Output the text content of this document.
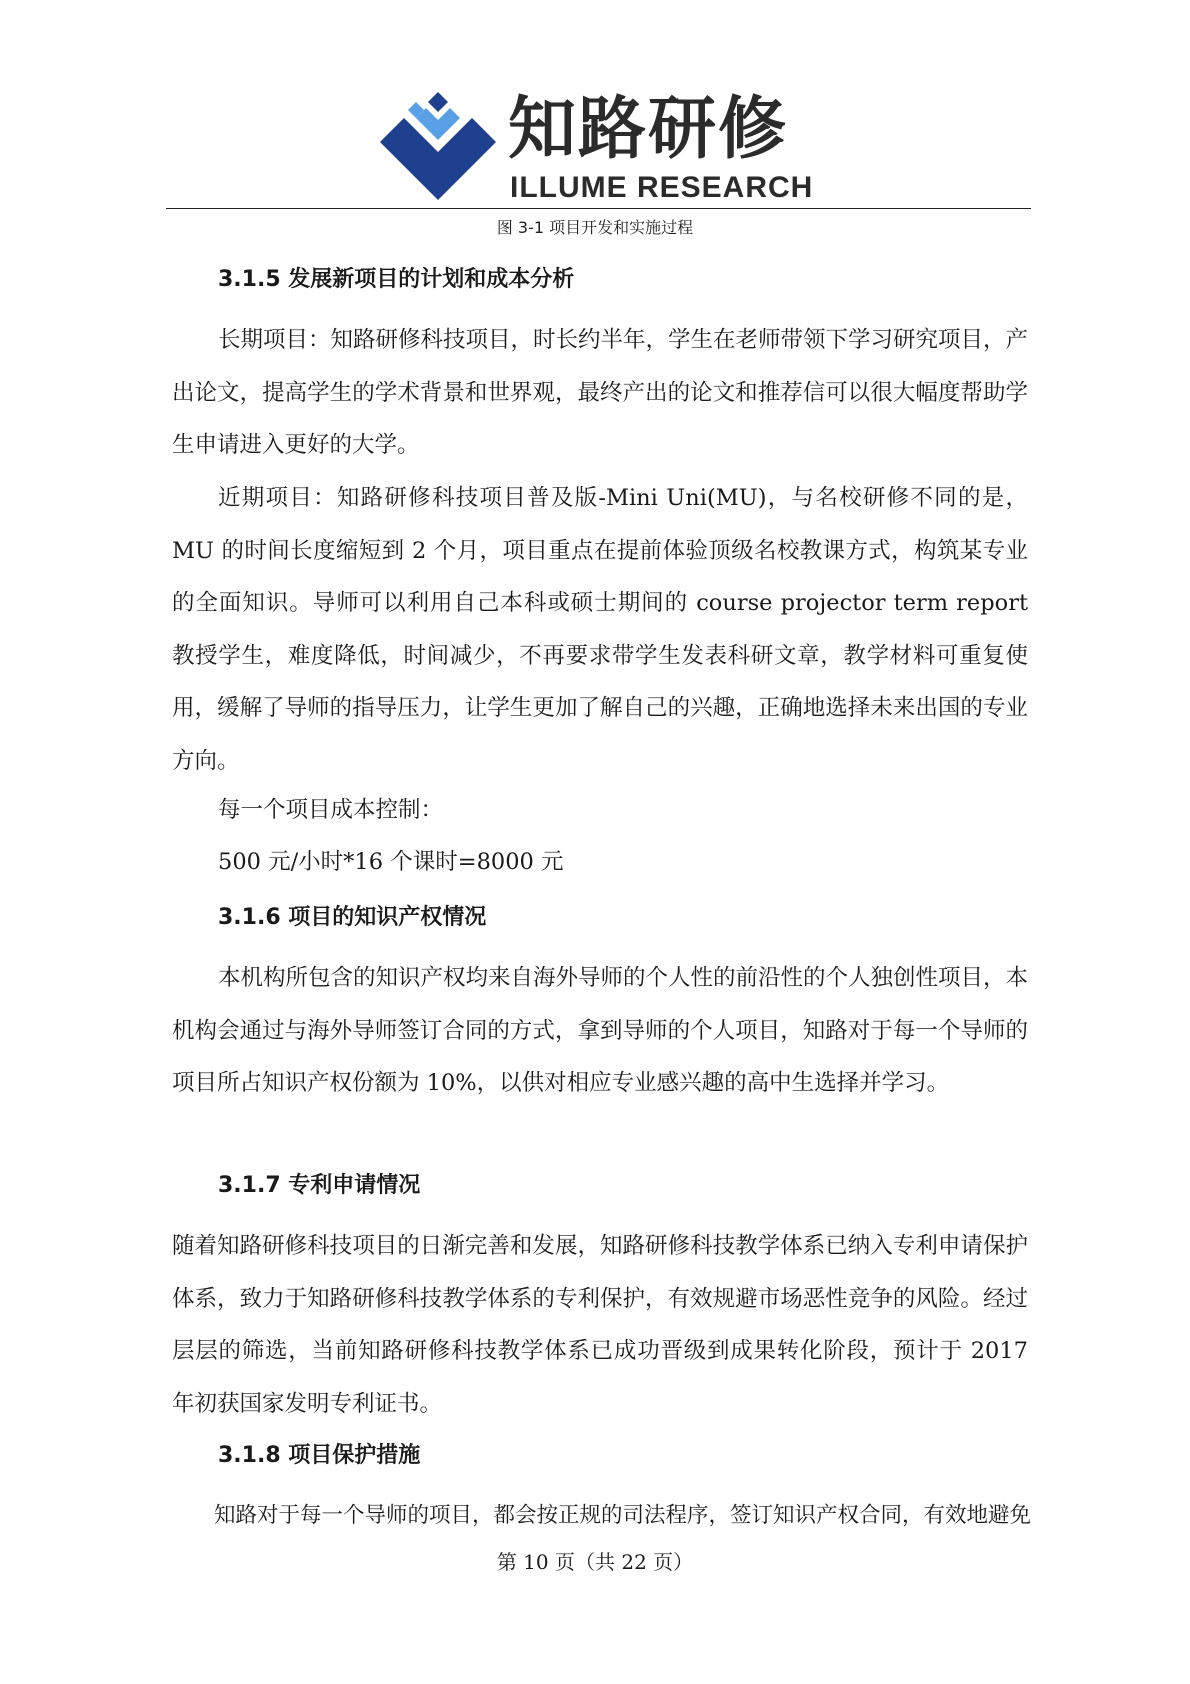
知路研修
ILLUME RESEARCH
图 3-1 项目开发和实施过程
3.1.5 发展新项目的计划和成本分析
长期项目：知路研修科技项目，时长约半年，学生在老师带领下学习研究项目，产出论文，提高学生的学术背景和世界观，最终产出的论文和推荐信可以很大幅度帮助学生申请进入更好的大学。
近期项目：知路研修科技项目普及版-Mini Uni(MU)，与名校研修不同的是，MU 的时间长度缩短到 2 个月，项目重点在提前体验顶级名校教课方式，构筑某专业的全面知识。导师可以利用自己本科或硕士期间的 course projector term report 教授学生，难度降低，时间减少，不再要求带学生发表科研文章，教学材料可重复使用，缓解了导师的指导压力，让学生更加了解自己的兴趣，正确地选择未来出国的专业方向。
每一个项目成本控制：
500 元/小时*16 个课时=8000 元
3.1.6 项目的知识产权情况
本机构所包含的知识产权均来自海外导师的个人性的前沿性的个人独创性项目，本机构会通过与海外导师签订合同的方式，拿到导师的个人项目，知路对于每一个导师的项目所占知识产权份额为 10%，以供对相应专业感兴趣的高中生选择并学习。
3.1.7 专利申请情况
随着知路研修科技项目的日渐完善和发展，知路研修科技教学体系已纳入专利申请保护体系，致力于知路研修科技教学体系的专利保护，有效规避市场恶性竞争的风险。经过层层的筛选，当前知路研修科技教学体系已成功晋级到成果转化阶段，预计于 2017 年初获国家发明专利证书。
3.1.8 项目保护措施
知路对于每一个导师的项目，都会按正规的司法程序，签订知识产权合同，有效地避免
第 10 页（共 22 页）
